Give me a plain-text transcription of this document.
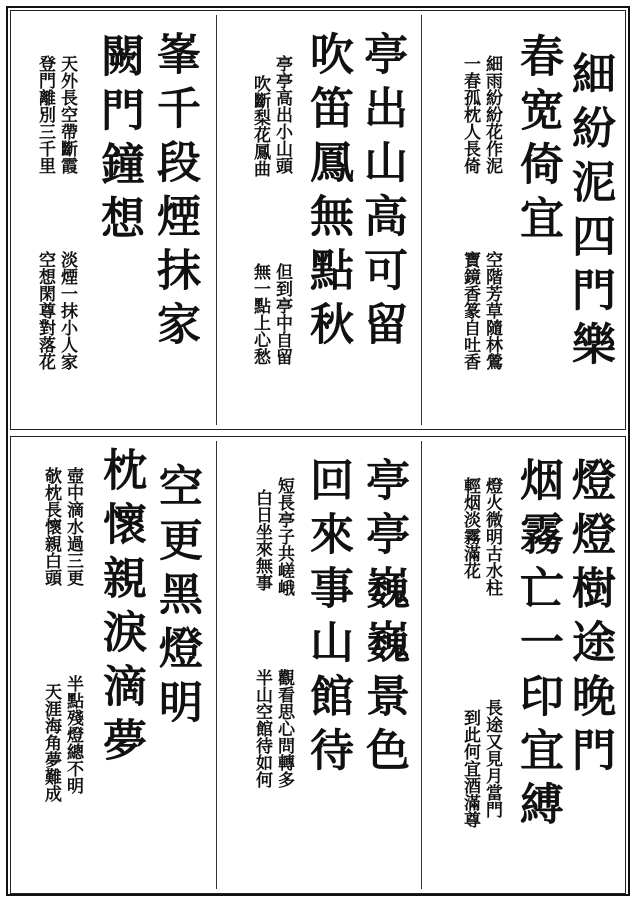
細紛泥四門樂
春宽倚宜
細雨紛紛花作泥
一春孤枕人長倚
空階芳草隨林鶯
寶鏡香篆自吐香
亭出山高可留
吹笛鳳無點秋
亭亭高出小山頭
吹斷梨花鳳曲
但到亭中自留
無一點上心愁
峯千段煙抹家
闕門鐘想
天外長空帶斷霞
登門離別三千里
淡煙一抹小人家
空想閑尊對落花
燈燈樹途晚門
烟霧亡一印宜縛
燈火微明古水柱
輕烟淡霧滿花
長途又見月當門
到此何宜酒滿尊
亭亭巍巍景色
回來事山館待
短長亭子共嵯峨
白日坐來無事
觀看思心問轉多
半山空館待如何
空更黑燈明
枕懷親淚滴夢
壺中滴水過三更
欹枕長懷親白頭
半點殘燈總不明
天涯海角夢難成
